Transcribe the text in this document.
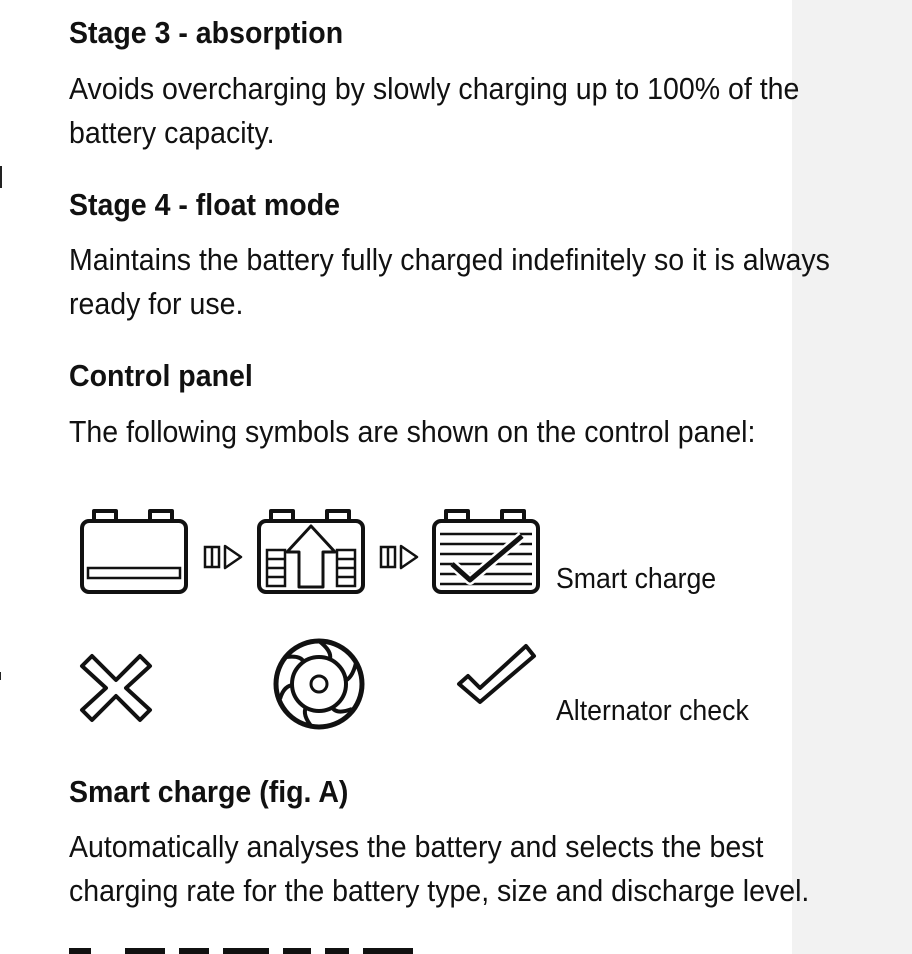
Stage 3 - absorption

Avoids overcharging by slowly charging up to 100% of the

battery capacity.

Stage 4 - float mode

Maintains the battery fully charged indefinitely so it is always

ready for use.

Control panel

The following symbols are shown on the control panel:

Smart charge

Alternator check

Smart charge (fig. A)

Automatically analyses the battery and selects the best

charging rate for the battery type, size and discharge level.
